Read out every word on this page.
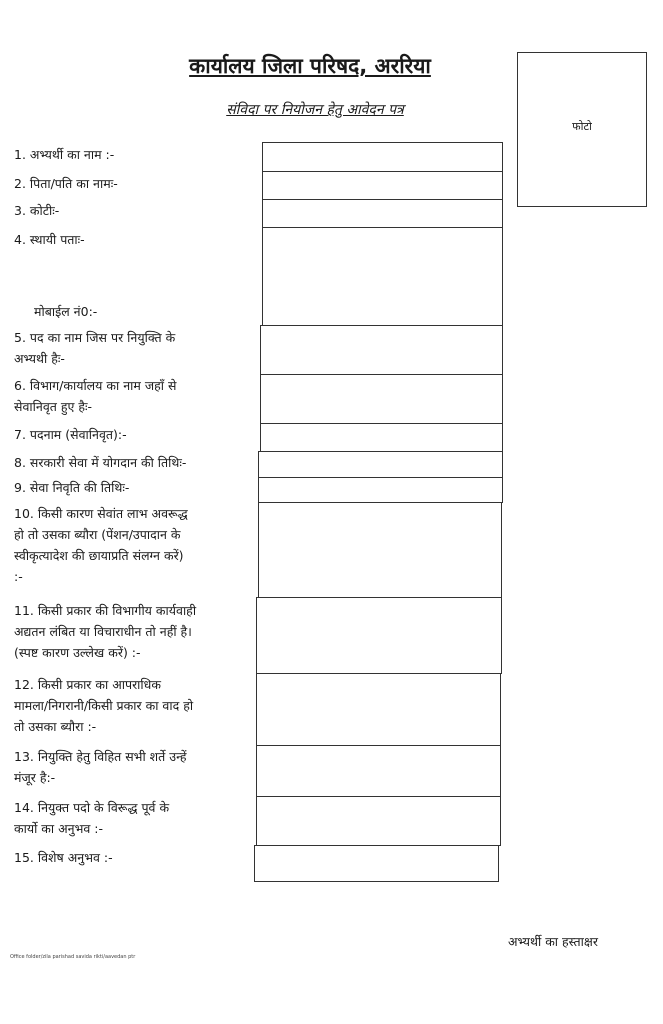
कार्यालय जिला परिषद, अररिया
संविदा पर नियोजन हेतु आवेदन पत्र
फोटो
1. अभ्यर्थी का नाम :-
2. पिता/पति का नामः-
3. कोटीः-
4. स्थायी पताः-
मोबाईल नं0:-
5. पद का नाम जिस पर नियुक्ति के
अभ्यथी हैः-
6. विभाग/कार्यालय का नाम जहाँ से
सेवानिवृत हुए हैः-
7. पदनाम (सेवानिवृत):-
8. सरकारी सेवा में योगदान की तिथिः-
9. सेवा निवृति की तिथिः-
10. किसी कारण सेवांत लाभ अवरूद्ध
हो तो उसका ब्यौरा (पेंशन/उपादान के
स्वीकृत्यादेश की छायाप्रति संलग्न करें)
:-
11. किसी प्रकार की विभागीय कार्यवाही
अद्यतन लंबित या विचाराधीन तो नहीं है।
(स्पष्ट कारण उल्लेख करें) :-
12. किसी प्रकार का आपराधिक
मामला/निगरानी/किसी प्रकार का वाद हो
तो उसका ब्यौरा :-
13. नियुक्ति हेतु विहित सभी शर्ते उन्हें
मंजूर है:-
14. नियुक्त पदो के विरूद्ध पूर्व के
कार्यो का अनुभव :-
15. विशेष अनुभव :-
अभ्यर्थी का हस्ताक्षर
Office folder/zila parishad savida rikti/aavedan ptr
